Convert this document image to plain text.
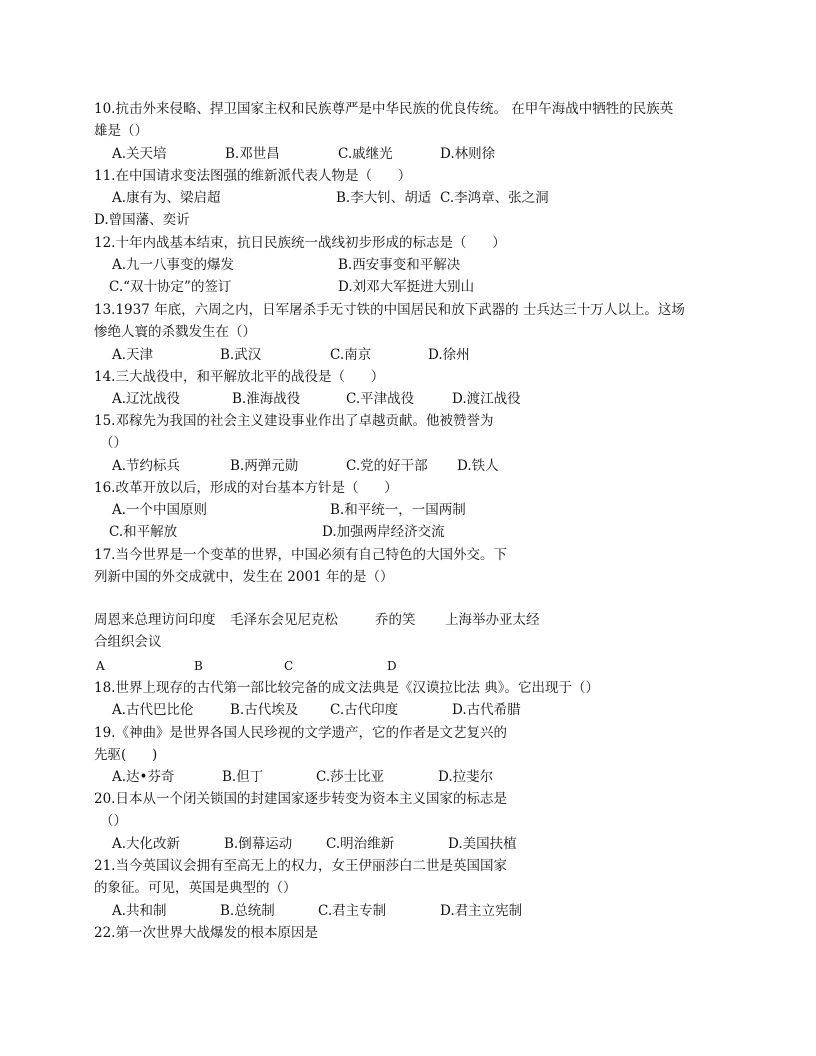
10.抗击外来侵略、捍卫国家主权和民族尊严是中华民族的优良传统。 在甲午海战中牺牲的民族英
雄是（）
A.关天培	B.邓世昌	C.戚继光	D.林则徐
11.在中国请求变法图强的维新派代表人物是（      ）
A.康有为、梁启超	B.李大钊、胡适 C.李鸿章、张之洞
D.曾国藩、奕䜣
12.十年内战基本结束，抗日民族统一战线初步形成的标志是（      ）
A.九一八事变的爆发	B.西安事变和平解决
C.“双十协定”的签订	D.刘邓大军挺进大别山
13.1937 年底，六周之内，日军屠杀手无寸铁的中国居民和放下武器的 士兵达三十万人以上。这场
惨绝人寰的杀戮发生在（）
A.天津	B.武汉	C.南京	D.徐州
14.三大战役中，和平解放北平的战役是（      ）
A.辽沈战役	B.淮海战役	C.平津战役	D.渡江战役
15.邓稼先为我国的社会主义建设事业作出了卓越贡献。他被赞誉为
（）
A.节约标兵	B.两弹元勋	C.党的好干部 D.铁人
16.改革开放以后，形成的对台基本方针是（      ）
A.一个中国原则	B.和平统一，一国两制
C.和平解放	D.加强两岸经济交流
17.当今世界是一个变革的世界，中国必须有自己特色的大国外交。下
列新中国的外交成就中，发生在 2001 年的是（）
周恩来总理访问印度 毛泽东会见尼克松	乔的笑 上海举办亚太经
合组织会议
A	B	C	D
18.世界上现存的古代第一部比较完备的成文法典是《汉谟拉比法 典》。它出现于（）
A.古代巴比伦	B.古代埃及 C.古代印度	D.古代希腊
19.《神曲》是世界各国人民珍视的文学遗产，它的作者是文艺复兴的
先驱(      )
A.达•芬奇	B.但丁	C.莎士比亚	D.拉斐尔
20.日本从一个闭关锁国的封建国家逐步转变为资本主义国家的标志是
（）
A.大化改新	B.倒幕运动	C.明治维新	D.美国扶植
21.当今英国议会拥有至高无上的权力，女王伊丽莎白二世是英国国家
的象征。可见，英国是典型的（）
A.共和制	B.总统制	C.君主专制	D.君主立宪制
22.第一次世界大战爆发的根本原因是
